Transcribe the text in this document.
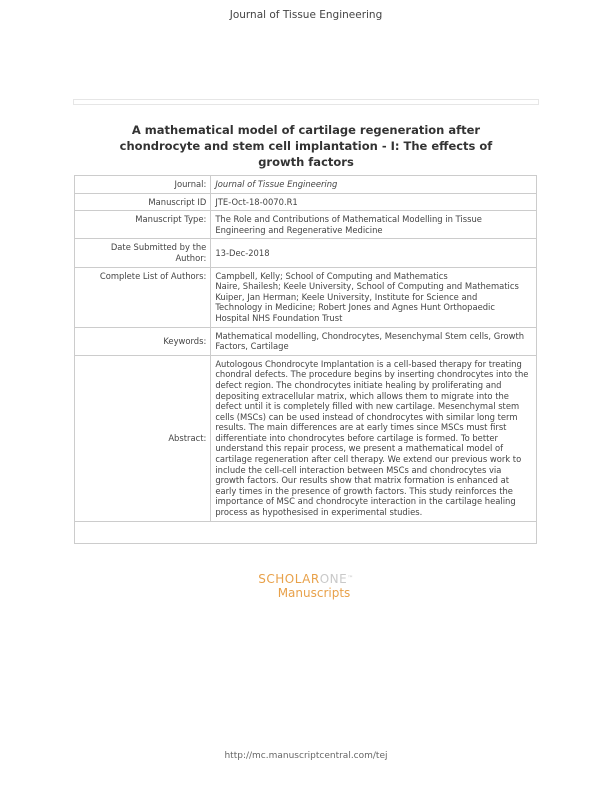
Journal of Tissue Engineering
A mathematical model of cartilage regeneration after
chondrocyte and stem cell implantation - I: The effects of
growth factors
Journal:	Journal of Tissue Engineering
Manuscript ID	JTE-Oct-18-0070.R1
Manuscript Type:	The Role and Contributions of Mathematical Modelling in Tissue Engineering and Regenerative Medicine

Date Submitted by the
Author:	13-Dec-2018
Complete List of Authors:	Campbell, Kelly; School of Computing and Mathematics
Naire, Shailesh; Keele University, School of Computing and Mathematics
Kuiper, Jan Herman; Keele University, Institute for Science and
Technology in Medicine; Robert Jones and Agnes Hunt Orthopaedic
Hospital NHS Foundation Trust

Keywords:	Mathematical modelling, Chondrocytes, Mesenchymal Stem cells, Growth Factors, Cartilage
Abstract:	Autologous Chondrocyte Implantation is a cell-based therapy for treating chondral defects. The procedure begins by inserting chondrocytes into the defect region. The chondrocytes initiate healing by proliferating and depositing extracellular matrix, which allows them to migrate into the defect until it is completely filled with new cartilage. Mesenchymal stem cells (MSCs) can be used instead of chondrocytes with similar long term results. The main differences are at early times since MSCs must first differentiate into chondrocytes before cartilage is formed. To better understand this repair process, we present a mathematical model of cartilage regeneration after cell therapy. We extend our previous work to include the cell-cell interaction between MSCs and chondrocytes via growth factors. Our results show that matrix formation is enhanced at early times in the presence of growth factors. This study reinforces the importance of MSC and chondrocyte interaction in the cartilage healing process as hypothesised in experimental studies.

SCHOLARONE™
Manuscripts
http://mc.manuscriptcentral.com/tej
